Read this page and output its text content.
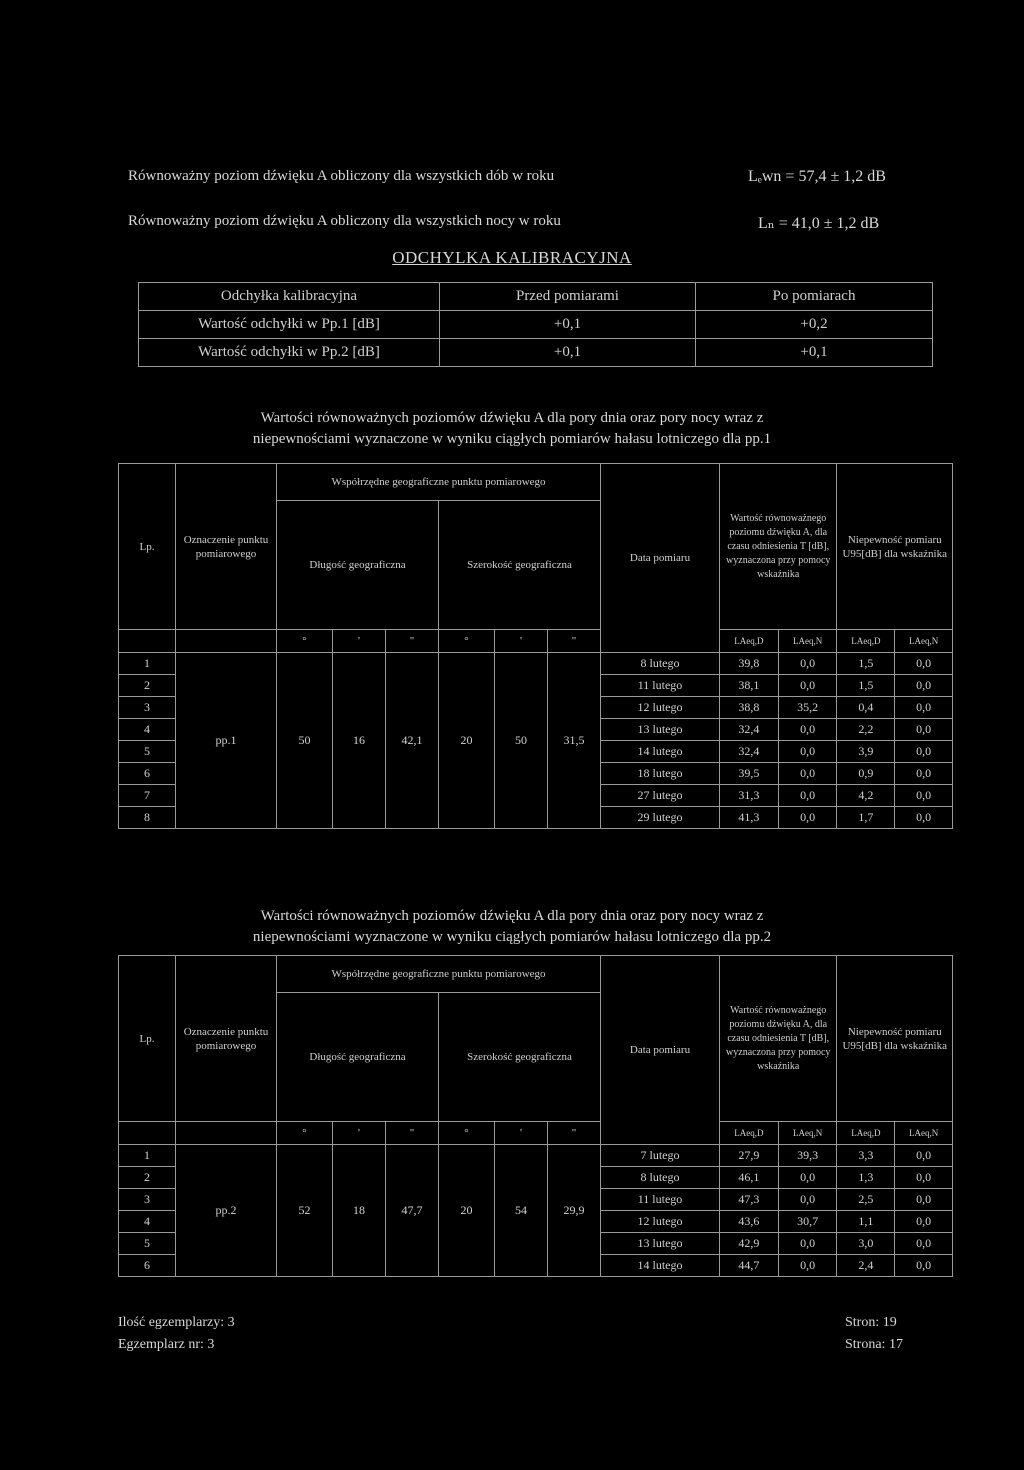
Równoważny poziom dźwięku A obliczony dla wszystkich dób w roku	Lₑwn = 57,4 ± 1,2 dB
Równoważny poziom dźwięku A obliczony dla wszystkich nocy w roku	Lₙ = 41,0 ± 1,2 dB
ODCHYLKA KALIBRACYJNA
Odchyłka kalibracyjna	Przed pomiarami	Po pomiarach
Wartość odchyłki w Pp.1 [dB]	+0,1	+0,2
Wartość odchyłki w Pp.2 [dB]	+0,1	+0,1
Wartości równoważnych poziomów dźwięku A dla pory dnia oraz pory nocy wraz z
niepewnościami wyznaczone w wyniku ciągłych pomiarów hałasu lotniczego dla pp.1
Lp.	Oznaczenie punktu pomiarowego	Współrzędne geograficzne punktu pomiarowego						Data pomiaru	Wartość równoważnego poziomu dźwięku A, dla czasu odniesienia T [dB], wyznaczona przy pomocy wskaźnika		Niepewność pomiaru U95[dB] dla wskaźnika	
		Długość geograficzna			Szerokość geograficzna							
		°	'	"	°	'	"		LAeq,D	LAeq,N	LAeq,D	LAeq,N
1	pp.1	50	16	42,1	20	50	31,5	8 lutego	39,8	0,0	1,5	0,0
2								11 lutego	38,1	0,0	1,5	0,0
3								12 lutego	38,8	35,2	0,4	0,0
4								13 lutego	32,4	0,0	2,2	0,0
5								14 lutego	32,4	0,0	3,9	0,0
6								18 lutego	39,5	0,0	0,9	0,0
7								27 lutego	31,3	0,0	4,2	0,0
8								29 lutego	41,3	0,0	1,7	0,0
Wartości równoważnych poziomów dźwięku A dla pory dnia oraz pory nocy wraz z
niepewnościami wyznaczone w wyniku ciągłych pomiarów hałasu lotniczego dla pp.2
Lp.	Oznaczenie punktu pomiarowego	Współrzędne geograficzne punktu pomiarowego						Data pomiaru	Wartość równoważnego poziomu dźwięku A, dla czasu odniesienia T [dB], wyznaczona przy pomocy wskaźnika		Niepewność pomiaru U95[dB] dla wskaźnika	
		Długość geograficzna			Szerokość geograficzna							
		°	'	"	°	'	"		LAeq,D	LAeq,N	LAeq,D	LAeq,N
1	pp.2	52	18	47,7	20	54	29,9	7 lutego	27,9	39,3	3,3	0,0
2								8 lutego	46,1	0,0	1,3	0,0
3								11 lutego	47,3	0,0	2,5	0,0
4								12 lutego	43,6	30,7	1,1	0,0
5								13 lutego	42,9	0,0	3,0	0,0
6								14 lutego	44,7	0,0	2,4	0,0
Ilość egzemplarzy: 3
Egzemplarz nr: 3
Stron: 19
Strona: 17
